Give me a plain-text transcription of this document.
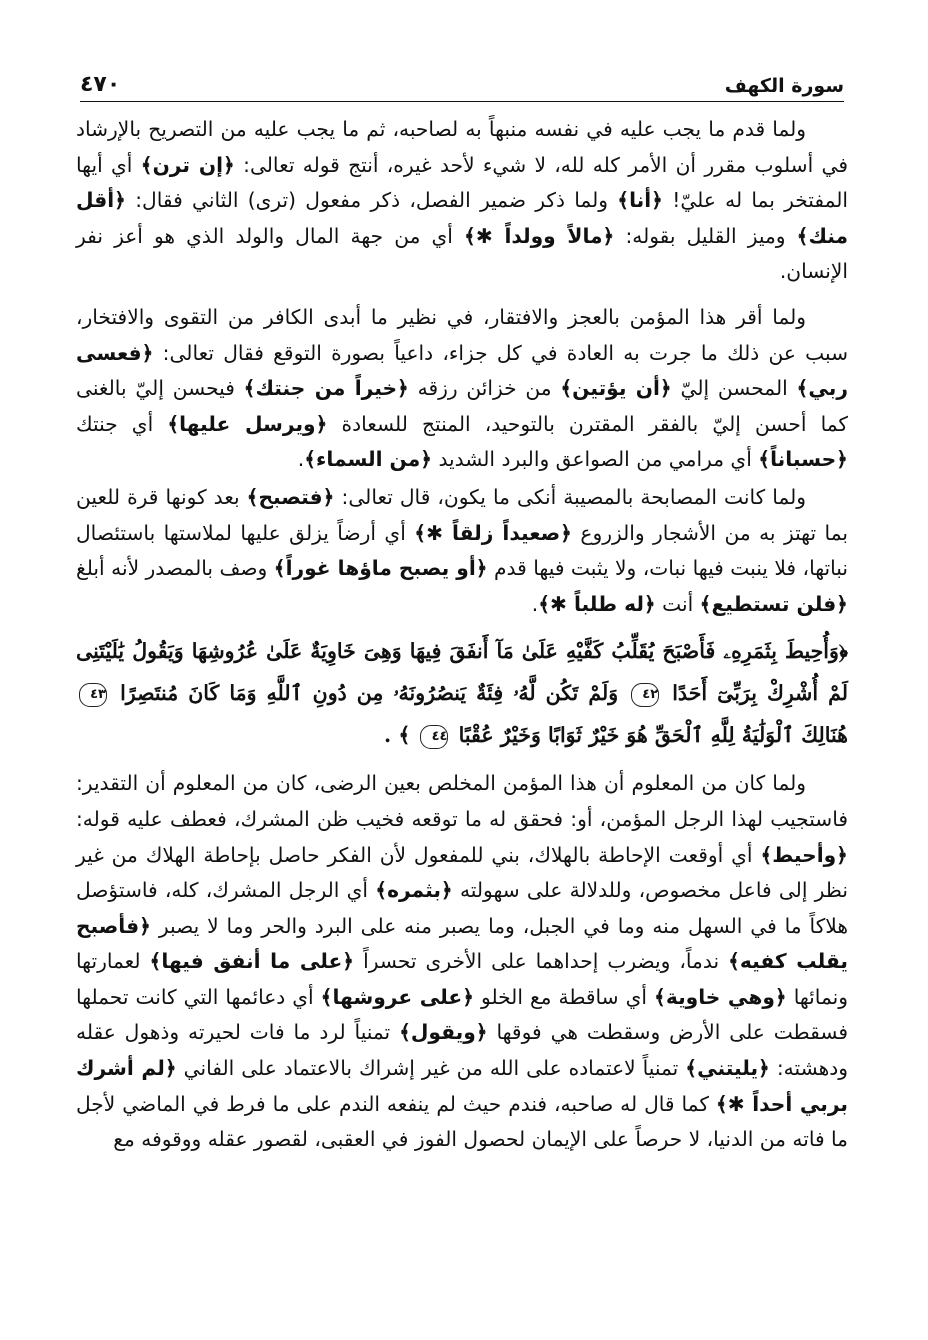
سورة الكهف
٤٧٠

ولما قدم ما يجب عليه في نفسه منبهاً به لصاحبه، ثم ما يجب عليه من التصريح بالإرشاد في أسلوب مقرر أن الأمر كله لله، لا شيء لأحد غيره، أنتج قوله تعالى: ﴿إن ترن﴾ أي أيها المفتخر بما له عليّ! ﴿أنا﴾ ولما ذكر ضمير الفصل، ذكر مفعول (ترى) الثاني فقال: ﴿أقل منك﴾ وميز القليل بقوله: ﴿مالاً وولداً ✱﴾ أي من جهة المال والولد الذي هو أعز نفر الإنسان.

ولما أقر هذا المؤمن بالعجز والافتقار، في نظير ما أبدى الكافر من التقوى والافتخار، سبب عن ذلك ما جرت به العادة في كل جزاء، داعياً بصورة التوقع فقال تعالى: ﴿فعسى ربي﴾ المحسن إليّ ﴿أن يؤتين﴾ من خزائن رزقه ﴿خيراً من جنتك﴾ فيحسن إليّ بالغنى كما أحسن إليّ بالفقر المقترن بالتوحيد، المنتج للسعادة ﴿ويرسل عليها﴾ أي جنتك ﴿حسباناً﴾ أي مرامي من الصواعق والبرد الشديد ﴿من السماء﴾.

ولما كانت المصابحة بالمصيبة أنكى ما يكون، قال تعالى: ﴿فتصبح﴾ بعد كونها قرة للعين بما تهتز به من الأشجار والزروع ﴿صعيداً زلقاً ✱﴾ أي أرضاً يزلق عليها لملاستها باستئصال نباتها، فلا ينبت فيها نبات، ولا يثبت فيها قدم ﴿أو يصبح ماؤها غوراً﴾ وصف بالمصدر لأنه أبلغ ﴿فلن تستطيع﴾ أنت ﴿له طلباً ✱﴾.

﴿وَأُحِيطَ بِثَمَرِهِۦ فَأَصْبَحَ يُقَلِّبُ كَفَّيْهِ عَلَىٰ مَآ أَنفَقَ فِيهَا وَهِىَ خَاوِيَةٌ عَلَىٰ عُرُوشِهَا وَيَقُولُ يَٰلَيْتَنِى لَمْ أُشْرِكْ بِرَبِّىٓ أَحَدًا ٤٢ وَلَمْ تَكُن لَّهُۥ فِئَةٌ يَنصُرُونَهُۥ مِن دُونِ ٱللَّهِ وَمَا كَانَ مُنتَصِرًا ٤٣ هُنَالِكَ ٱلْوَلَٰيَةُ لِلَّهِ ٱلْحَقِّ هُوَ خَيْرٌ ثَوَابًا وَخَيْرٌ عُقْبًا ٤٤ ﴾ .

ولما كان من المعلوم أن هذا المؤمن المخلص بعين الرضى، كان من المعلوم أن التقدير: فاستجيب لهذا الرجل المؤمن، أو: فحقق له ما توقعه فخيب ظن المشرك، فعطف عليه قوله: ﴿وأحيط﴾ أي أوقعت الإحاطة بالهلاك، بني للمفعول لأن الفكر حاصل بإحاطة الهلاك من غير نظر إلى فاعل مخصوص، وللدلالة على سهولته ﴿بثمره﴾ أي الرجل المشرك، كله، فاستؤصل هلاكاً ما في السهل منه وما في الجبل، وما يصبر منه على البرد والحر وما لا يصبر ﴿فأصبح يقلب كفيه﴾ ندماً، ويضرب إحداهما على الأخرى تحسراً ﴿على ما أنفق فيها﴾ لعمارتها ونمائها ﴿وهي خاوية﴾ أي ساقطة مع الخلو ﴿على عروشها﴾ أي دعائمها التي كانت تحملها فسقطت على الأرض وسقطت هي فوقها ﴿ويقول﴾ تمنياً لرد ما فات لحيرته وذهول عقله ودهشته: ﴿يليتني﴾ تمنياً لاعتماده على الله من غير إشراك بالاعتماد على الفاني ﴿لم أشرك بربي أحداً ✱﴾ كما قال له صاحبه، فندم حيث لم ينفعه الندم على ما فرط في الماضي لأجل ما فاته من الدنيا، لا حرصاً على الإيمان لحصول الفوز في العقبى، لقصور عقله ووقوفه مع
